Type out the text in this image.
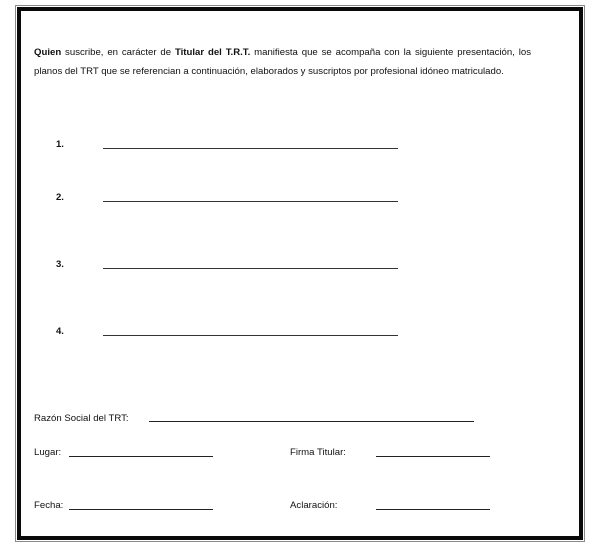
Quien suscribe, en carácter de Titular del T.R.T. manifiesta que se acompaña con la siguiente presentación, los planos del TRT que se referencian a continuación, elaborados y suscriptos por profesional idóneo matriculado.

1.
2.
3.
4.
Razón Social del TRT:
Lugar:	Firma Titular:
Fecha:	Aclaración:
